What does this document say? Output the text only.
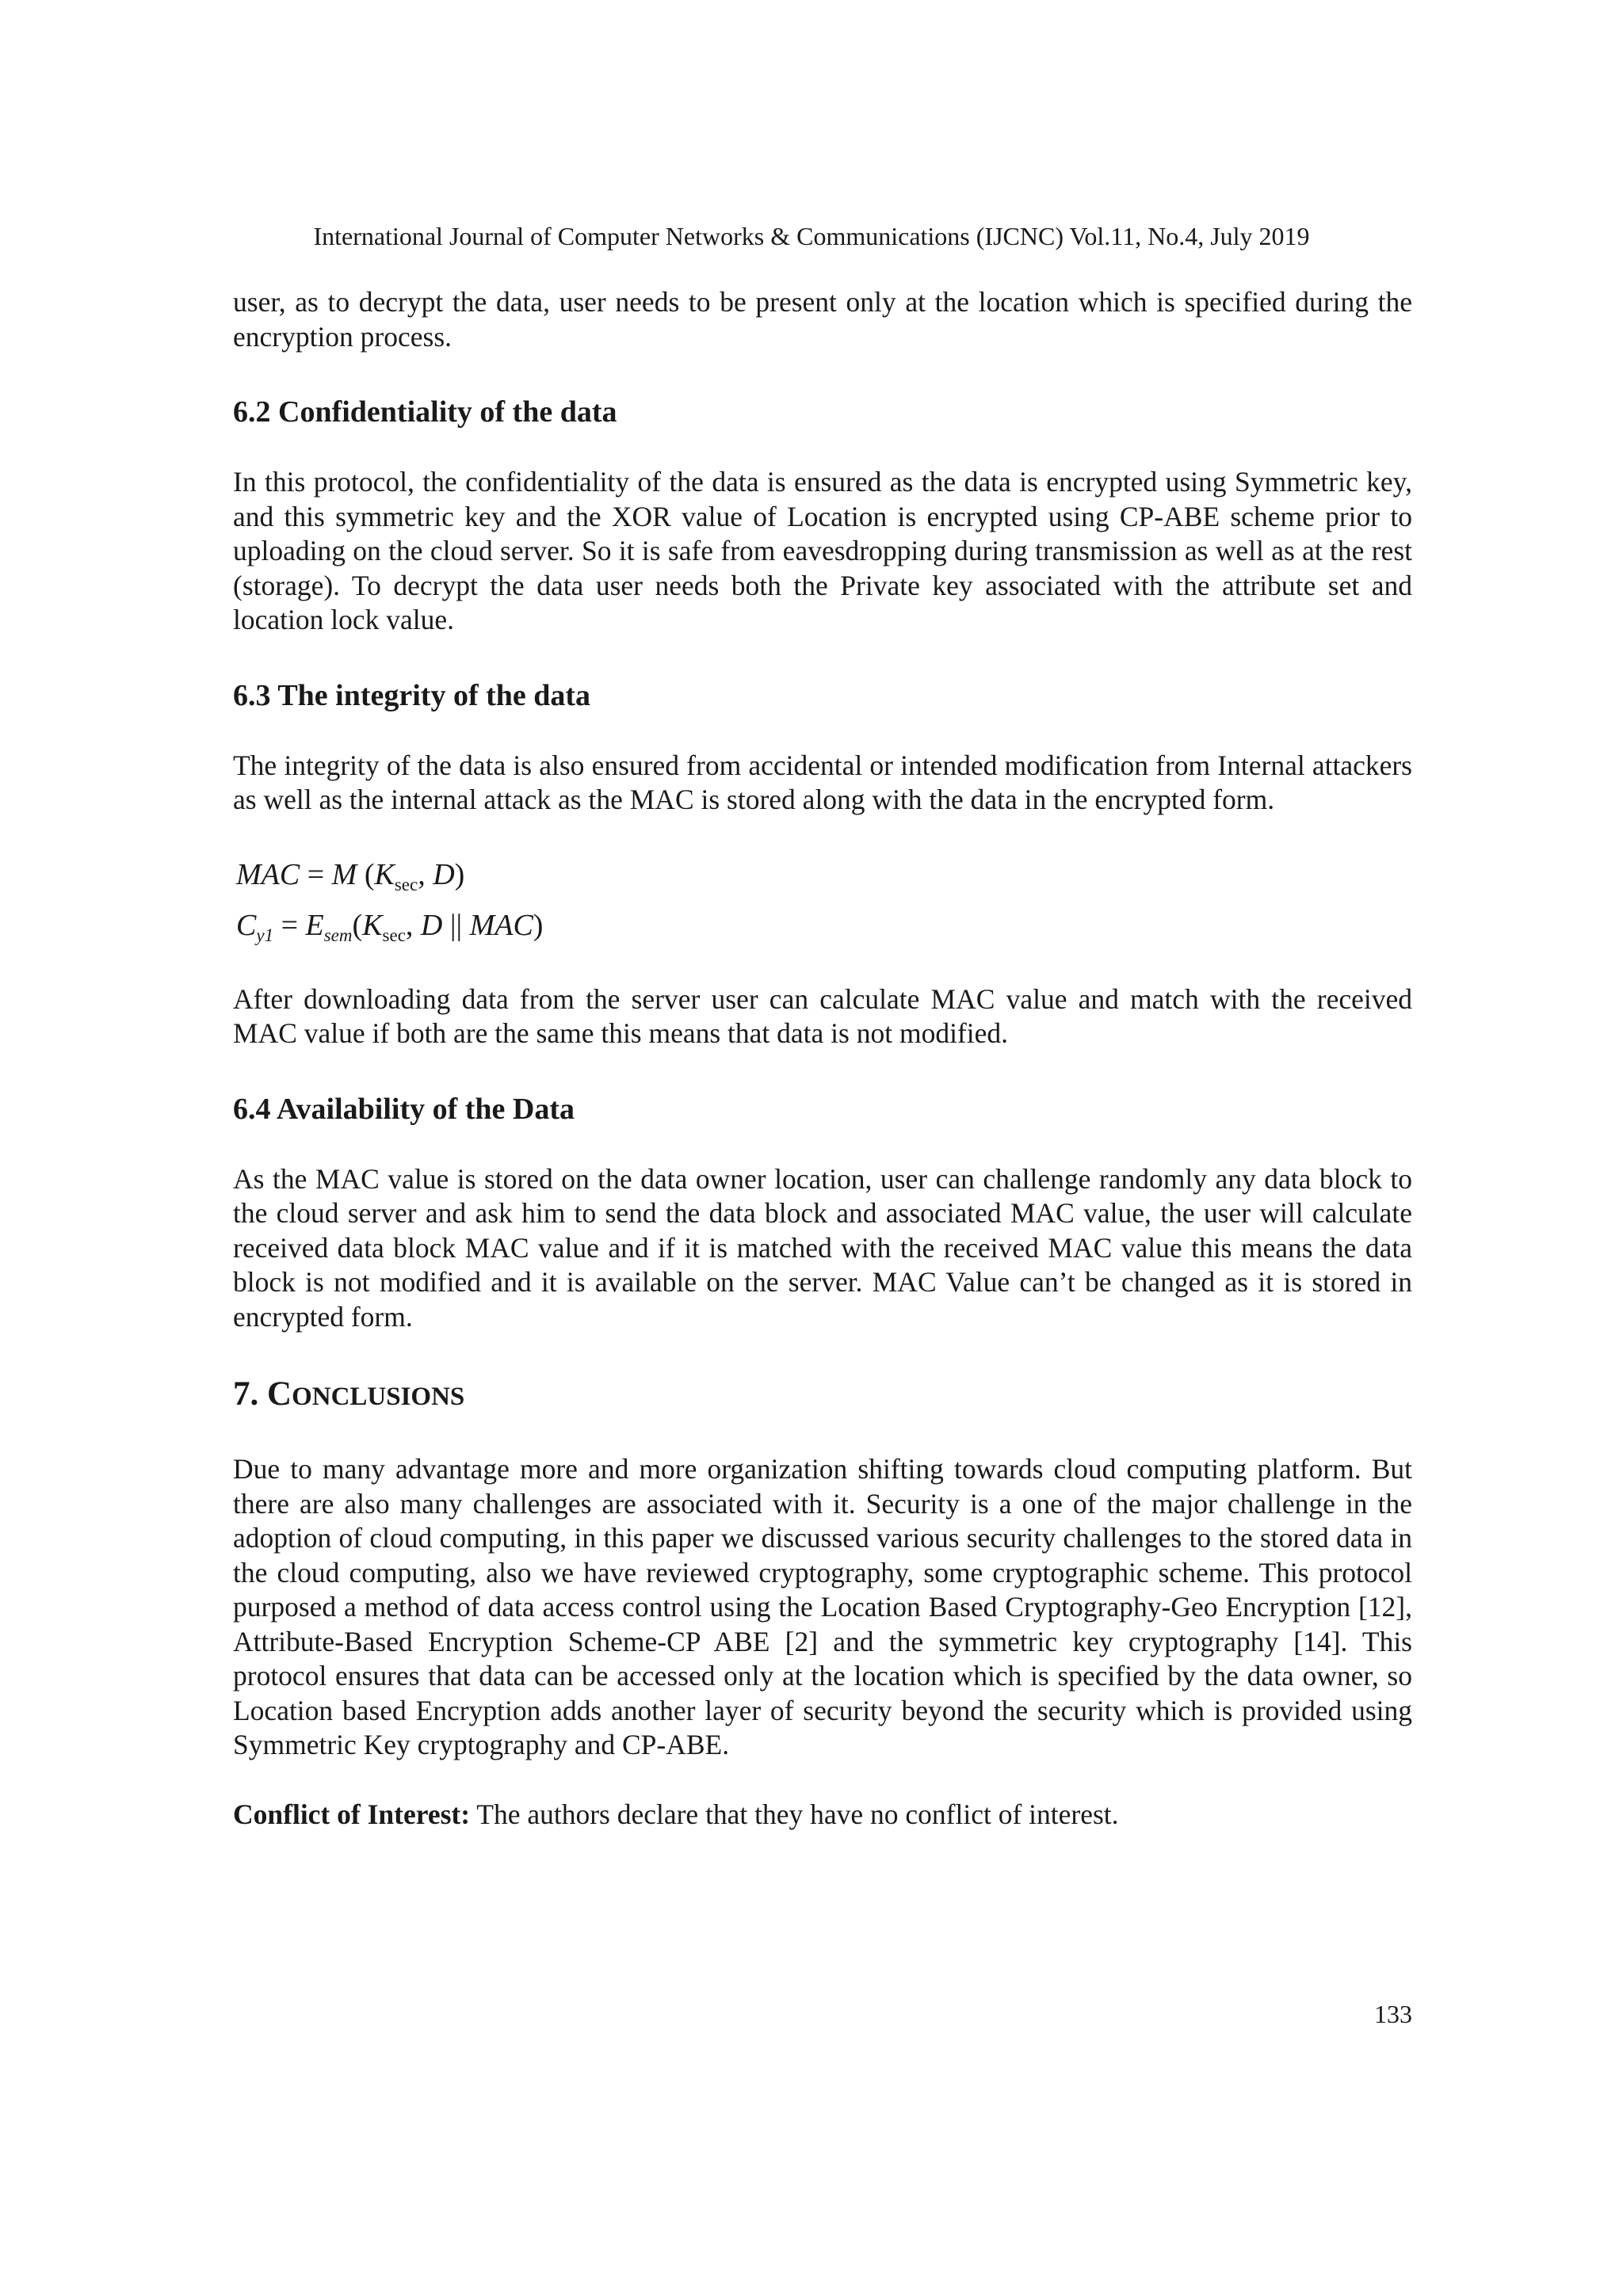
International Journal of Computer Networks & Communications (IJCNC) Vol.11, No.4, July 2019

user, as to decrypt the data, user needs to be present only at the location which is specified during the encryption process.

6.2 Confidentiality of the data

In this protocol, the confidentiality of the data is ensured as the data is encrypted using Symmetric key, and this symmetric key and the XOR value of Location is encrypted using CP-ABE scheme prior to uploading on the cloud server. So it is safe from eavesdropping during transmission as well as at the rest (storage). To decrypt the data user needs both the Private key associated with the attribute set and location lock value.

6.3 The integrity of the data

The integrity of the data is also ensured from accidental or intended modification from Internal attackers as well as the internal attack as the MAC is stored along with the data in the encrypted form.

MAC = M ($K_{sec}$, D)
$C_{y1} = E_{sem}(K_{sec}$, D || MAC)

After downloading data from the server user can calculate MAC value and match with the received MAC value if both are the same this means that data is not modified.

6.4 Availability of the Data

As the MAC value is stored on the data owner location, user can challenge randomly any data block to the cloud server and ask him to send the data block and associated MAC value, the user will calculate received data block MAC value and if it is matched with the received MAC value this means the data block is not modified and it is available on the server. MAC Value can’t be changed as it is stored in encrypted form.

7. CONCLUSIONS

Due to many advantage more and more organization shifting towards cloud computing platform. But there are also many challenges are associated with it. Security is a one of the major challenge in the adoption of cloud computing, in this paper we discussed various security challenges to the stored data in the cloud computing, also we have reviewed cryptography, some cryptographic scheme. This protocol purposed a method of data access control using the Location Based Cryptography-Geo Encryption [12], Attribute-Based Encryption Scheme-CP ABE [2] and the symmetric key cryptography [14]. This protocol ensures that data can be accessed only at the location which is specified by the data owner, so Location based Encryption adds another layer of security beyond the security which is provided using Symmetric Key cryptography and CP-ABE.

Conflict of Interest: The authors declare that they have no conflict of interest.

133
